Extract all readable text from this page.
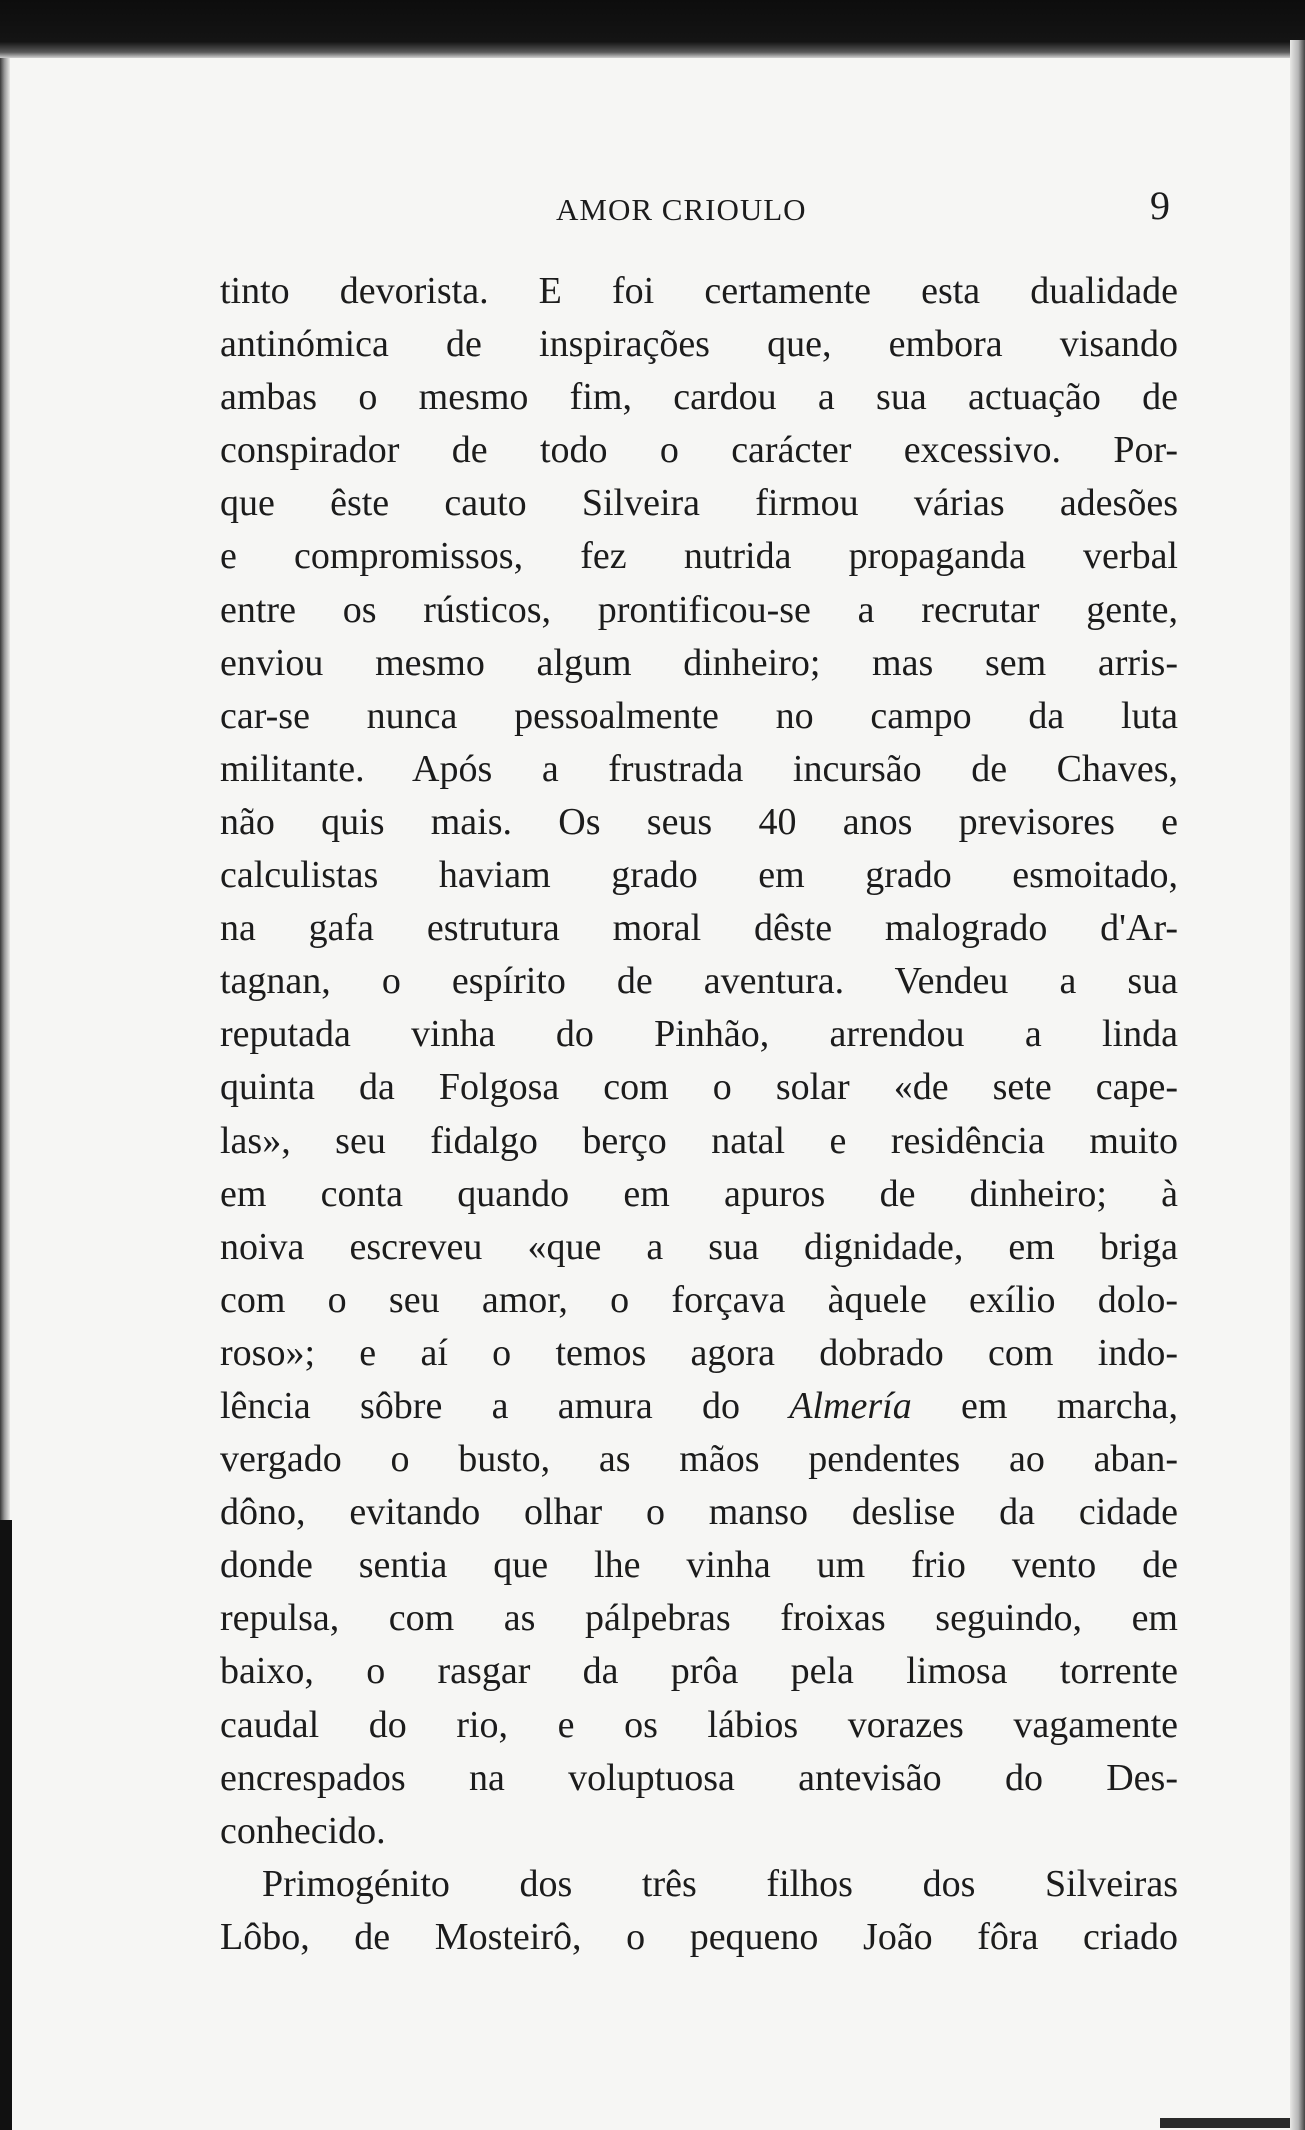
AMOR CRIOULO	9
tinto devorista. E foi certamente esta dualidade
antinómica de inspirações que, embora visando
ambas o mesmo fim, cardou a sua actuação de
conspirador de todo o carácter excessivo. Por-
que êste cauto Silveira firmou várias adesões
e compromissos, fez nutrida propaganda verbal
entre os rústicos, prontificou-se a recrutar gente,
enviou mesmo algum dinheiro; mas sem arris-
car-se nunca pessoalmente no campo da luta
militante. Após a frustrada incursão de Chaves,
não quis mais. Os seus 40 anos previsores e
calculistas haviam grado em grado esmoitado,
na gafa estrutura moral dêste malogrado d'Ar-
tagnan, o espírito de aventura. Vendeu a sua
reputada vinha do Pinhão, arrendou a linda
quinta da Folgosa com o solar «de sete cape-
las», seu fidalgo berço natal e residência muito
em conta quando em apuros de dinheiro; à
noiva escreveu «que a sua dignidade, em briga
com o seu amor, o forçava àquele exílio dolo-
roso»; e aí o temos agora dobrado com indo-
lência sôbre a amura do Almería em marcha,
vergado o busto, as mãos pendentes ao aban-
dôno, evitando olhar o manso deslise da cidade
donde sentia que lhe vinha um frio vento de
repulsa, com as pálpebras froixas seguindo, em
baixo, o rasgar da prôa pela limosa torrente
caudal do rio, e os lábios vorazes vagamente
encrespados na voluptuosa antevisão do Des-
conhecido.
Primogénito dos três filhos dos Silveiras
Lôbo, de Mosteirô, o pequeno João fôra criado
